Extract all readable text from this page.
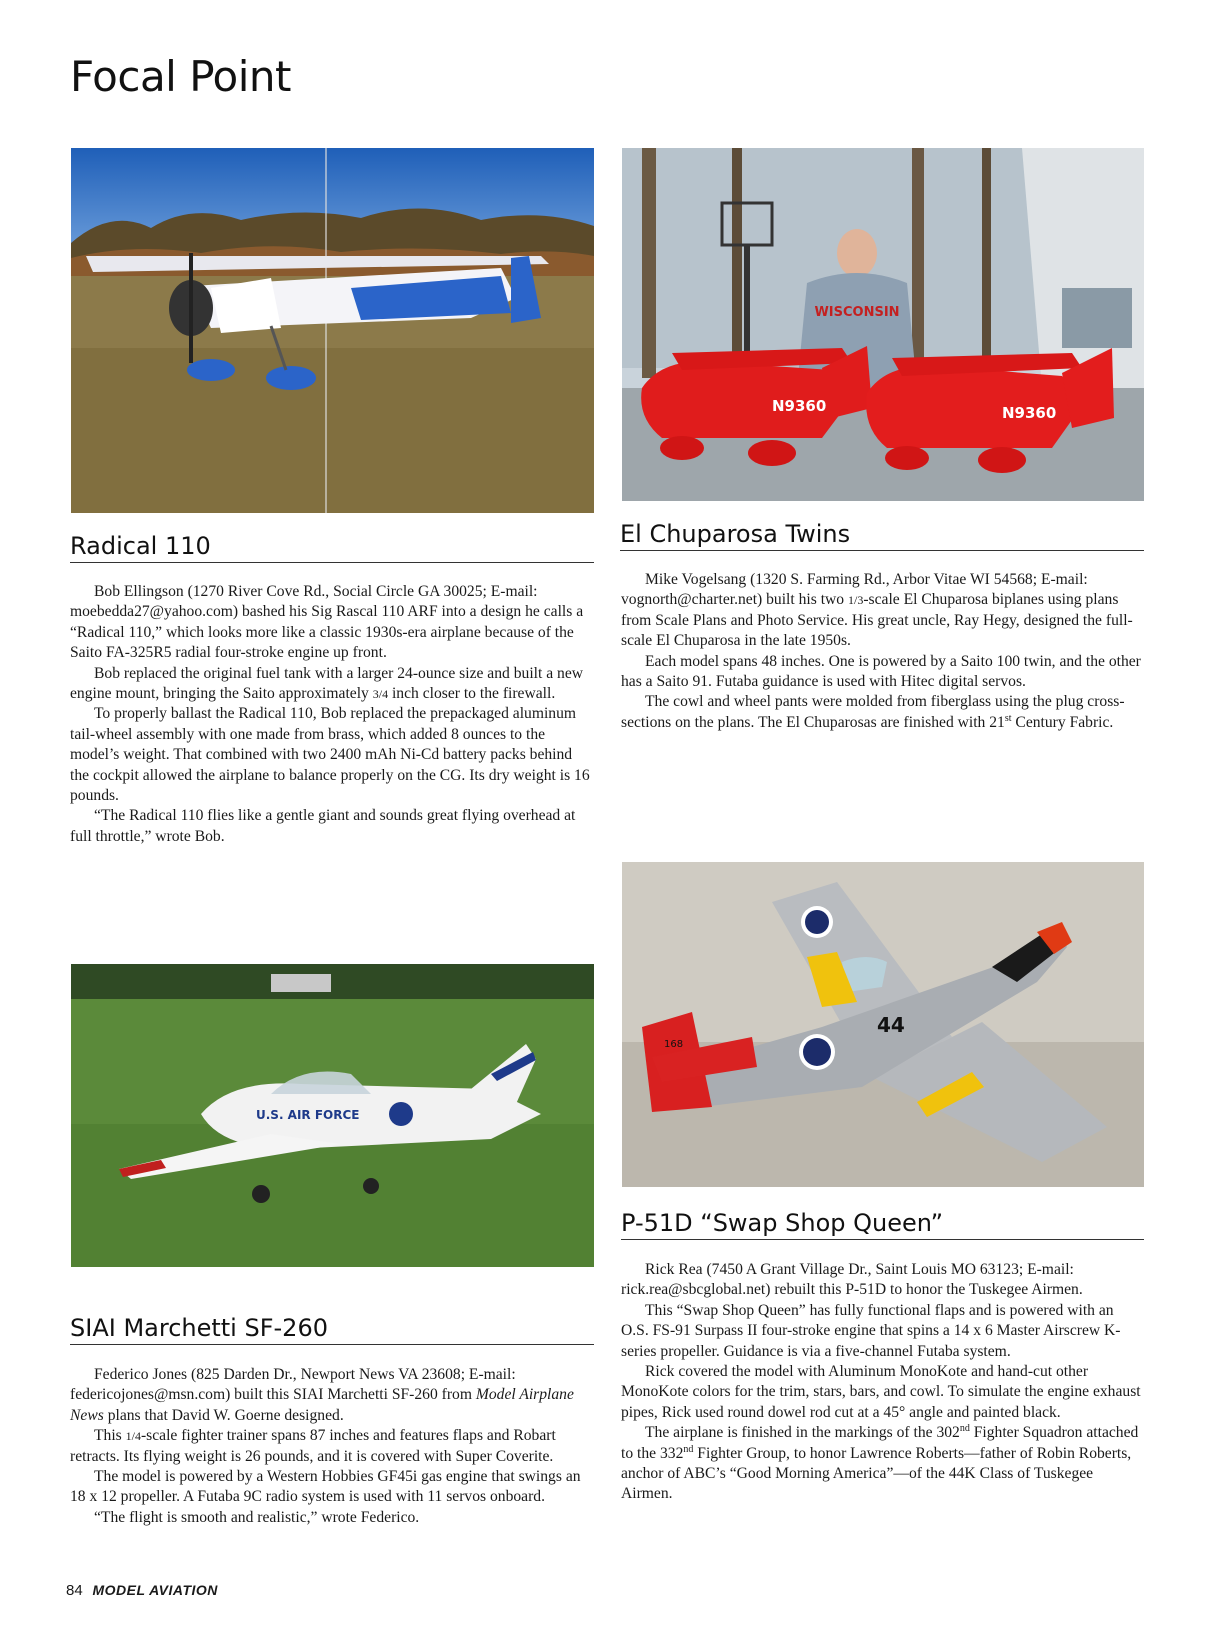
Focal Point
WISCONSIN
N9360	N9360
Radical 110	El Chuparosa Twins

Bob Ellingson (1270 River Cove Rd., Social Circle GA 30025; E-mail: moebedda27@yahoo.com) bashed his Sig Rascal 110 ARF into a design he calls a “Radical 110,” which looks more like a classic 1930s-era airplane because of the Saito FA-325R5 radial four-stroke engine up front.

Bob replaced the original fuel tank with a larger 24-ounce size and built a new engine mount, bringing the Saito approximately 3/4 inch closer to the firewall.

To properly ballast the Radical 110, Bob replaced the prepackaged aluminum tail-wheel assembly with one made from brass, which added 8 ounces to the model’s weight. That combined with two 2400 mAh Ni-Cd battery packs behind the cockpit allowed the airplane to balance properly on the CG. Its dry weight is 16 pounds.

“The Radical 110 flies like a gentle giant and sounds great flying overhead at full throttle,” wrote Bob.

Mike Vogelsang (1320 S. Farming Rd., Arbor Vitae WI 54568; E-mail: vognorth@charter.net) built his two 1/3-scale El Chuparosa biplanes using plans from Scale Plans and Photo Service. His great uncle, Ray Hegy, designed the full-scale El Chuparosa in the late 1950s.

Each model spans 48 inches. One is powered by a Saito 100 twin, and the other has a Saito 91. Futaba guidance is used with Hitec digital servos.

The cowl and wheel pants were molded from fiberglass using the plug cross-sections on the plans. The El Chuparosas are finished with 21st Century Fabric.

44
168
U.S. AIR FORCE
P-51D “Swap Shop Queen”
SIAI Marchetti SF-260

Rick Rea (7450 A Grant Village Dr., Saint Louis MO 63123; E-mail: rick.rea@sbcglobal.net) rebuilt this P-51D to honor the Tuskegee Airmen.

This “Swap Shop Queen” has fully functional flaps and is powered with an O.S. FS-91 Surpass II four-stroke engine that spins a 14 x 6 Master Airscrew K-series propeller. Guidance is via a five-channel Futaba system.

Rick covered the model with Aluminum MonoKote and hand-cut other MonoKote colors for the trim, stars, bars, and cowl. To simulate the engine exhaust pipes, Rick used round dowel rod cut at a 45° angle and painted black.

The airplane is finished in the markings of the 302nd Fighter Squadron attached to the 332nd Fighter Group, to honor Lawrence Roberts—father of Robin Roberts, anchor of ABC’s “Good Morning America”—of the 44K Class of Tuskegee Airmen.

Federico Jones (825 Darden Dr., Newport News VA 23608; E-mail: federicojones@msn.com) built this SIAI Marchetti SF-260 from Model Airplane News plans that David W. Goerne designed.

This 1/4-scale fighter trainer spans 87 inches and features flaps and Robart retracts. Its flying weight is 26 pounds, and it is covered with Super Coverite.

The model is powered by a Western Hobbies GF45i gas engine that swings an 18 x 12 propeller. A Futaba 9C radio system is used with 11 servos onboard.

“The flight is smooth and realistic,” wrote Federico.

84 MODEL AVIATION
